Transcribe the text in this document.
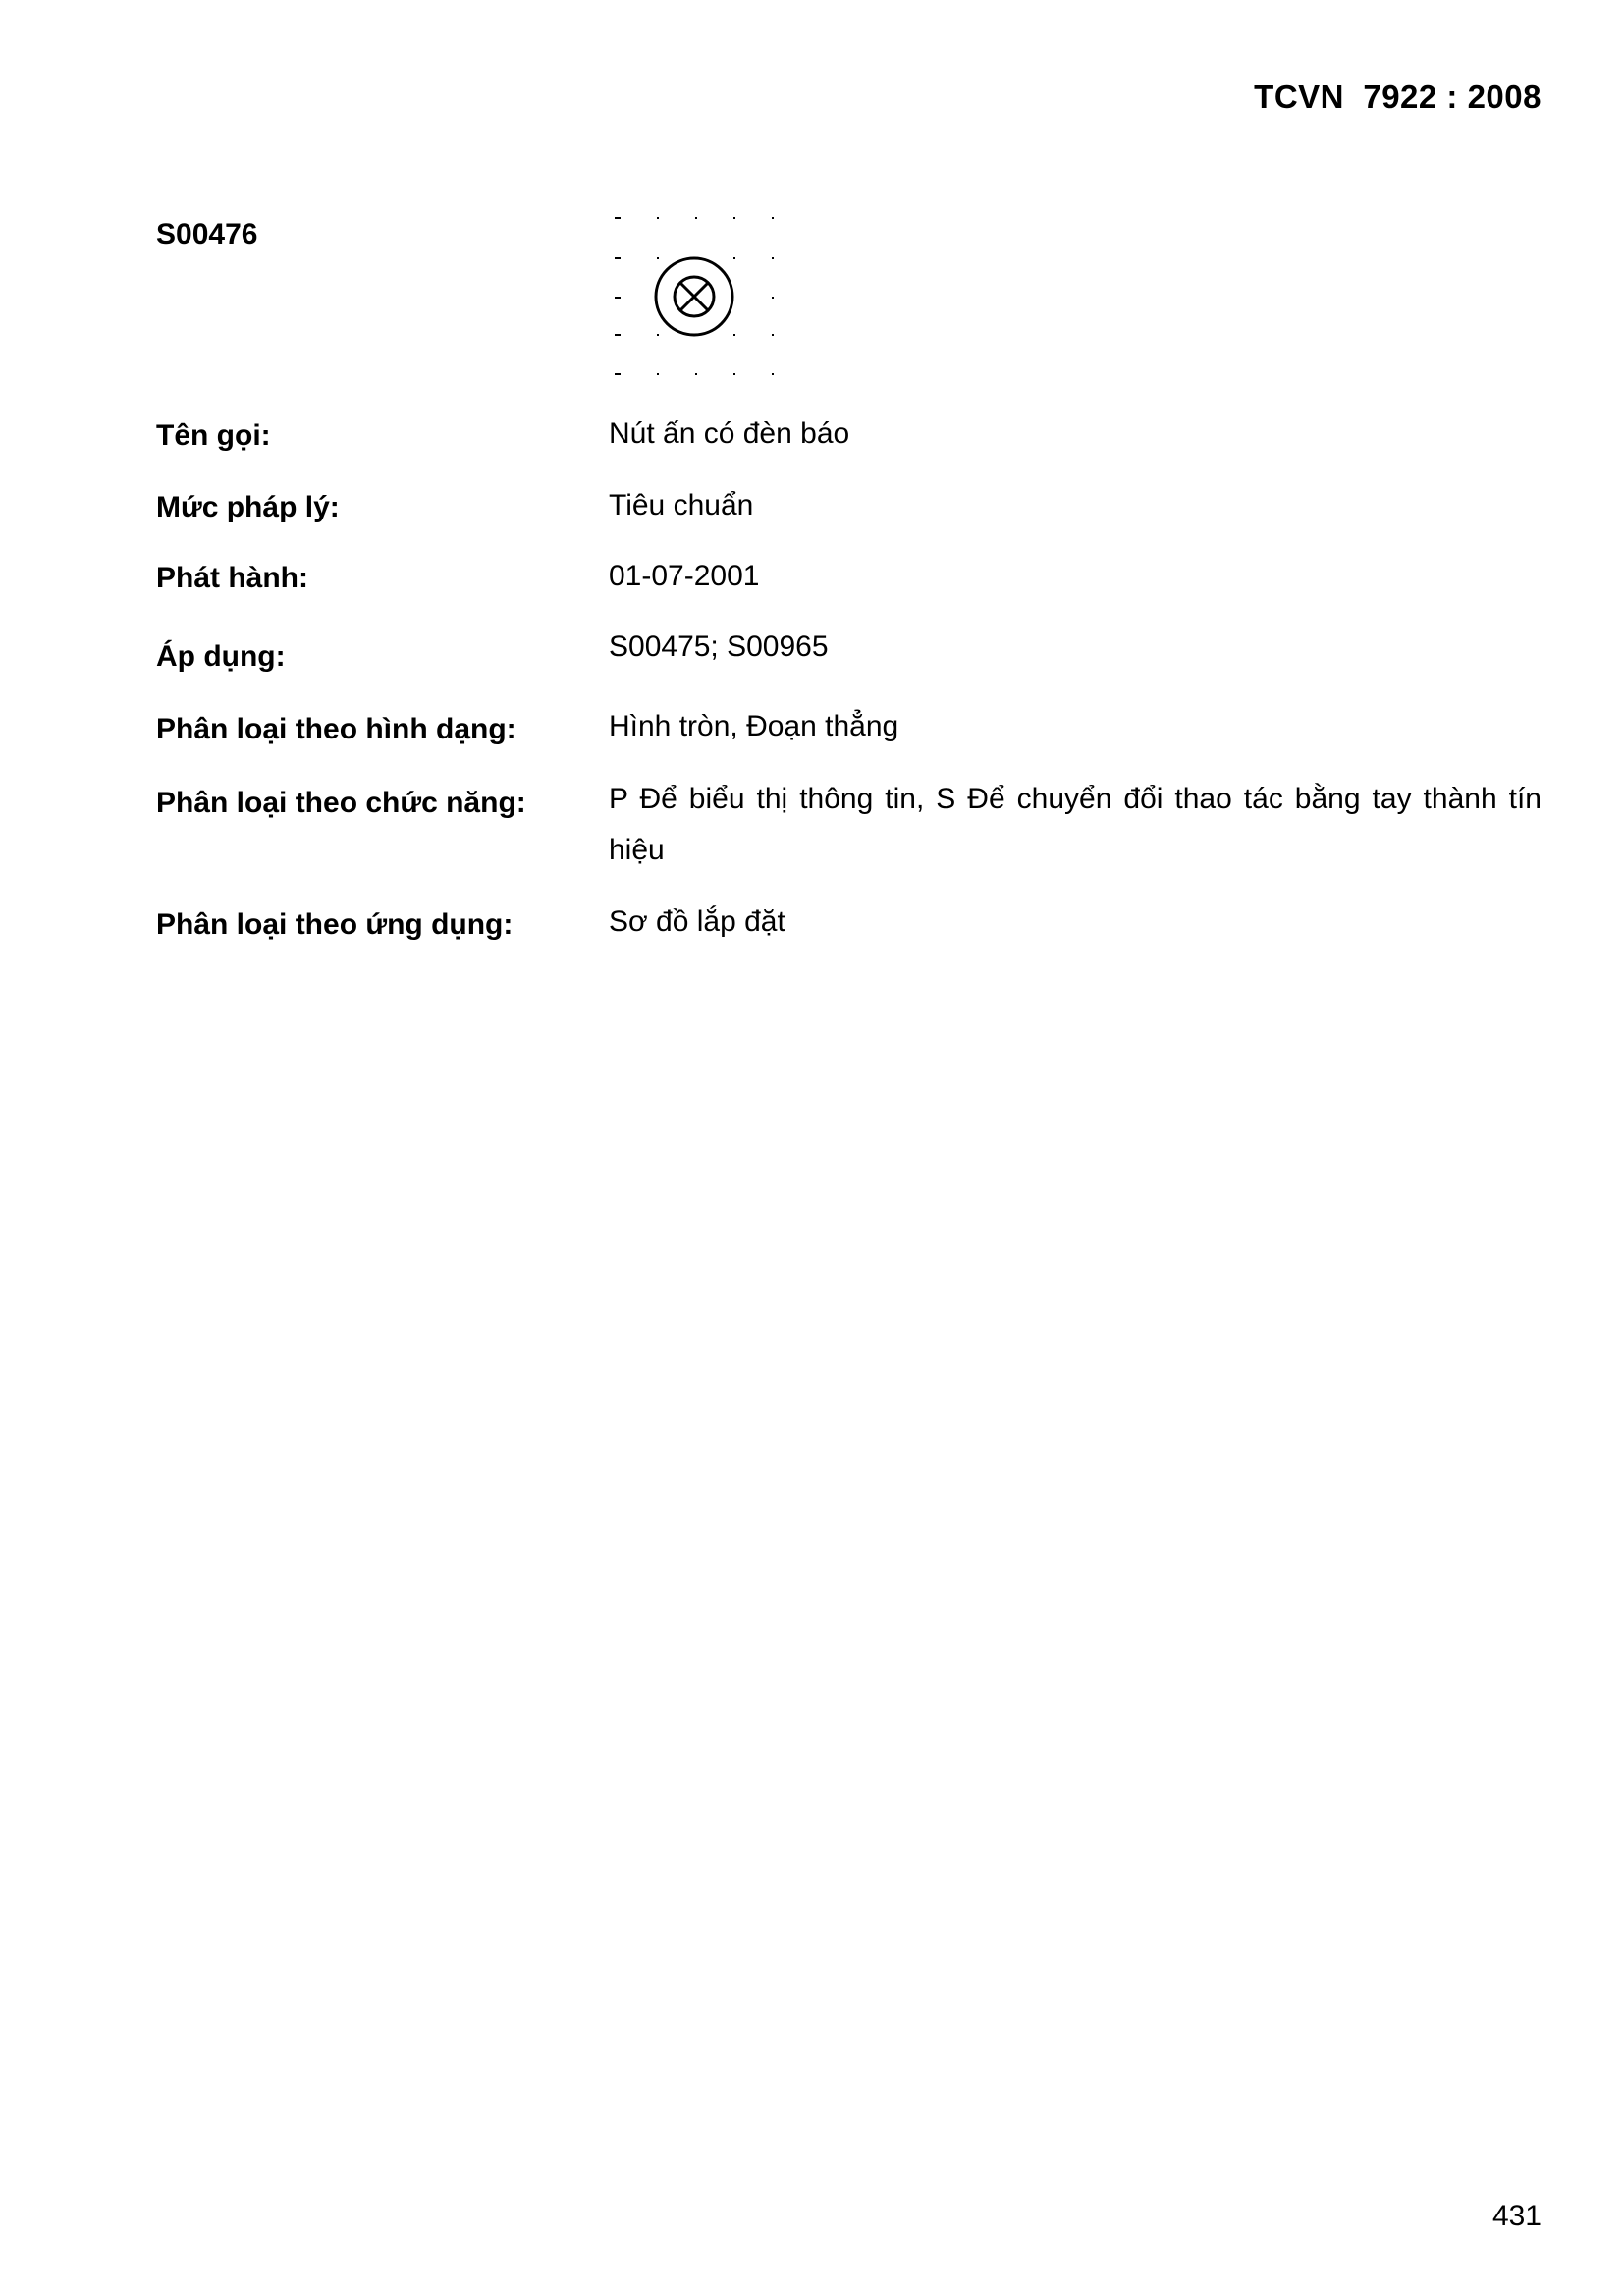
TCVN  7922 : 2008
S00476
Tên gọi:	Nút ấn có đèn báo
Mức pháp lý:	Tiêu chuẩn
Phát hành:	01-07-2001
Áp dụng:	S00475; S00965
Phân loại theo hình dạng:	Hình tròn, Đoạn thẳng
Phân loại theo chức năng:	P Để biểu thị thông tin, S Để chuyển đổi thao tác bằng tay thành tín hiệu
Phân loại theo ứng dụng:	Sơ đồ lắp đặt
431
